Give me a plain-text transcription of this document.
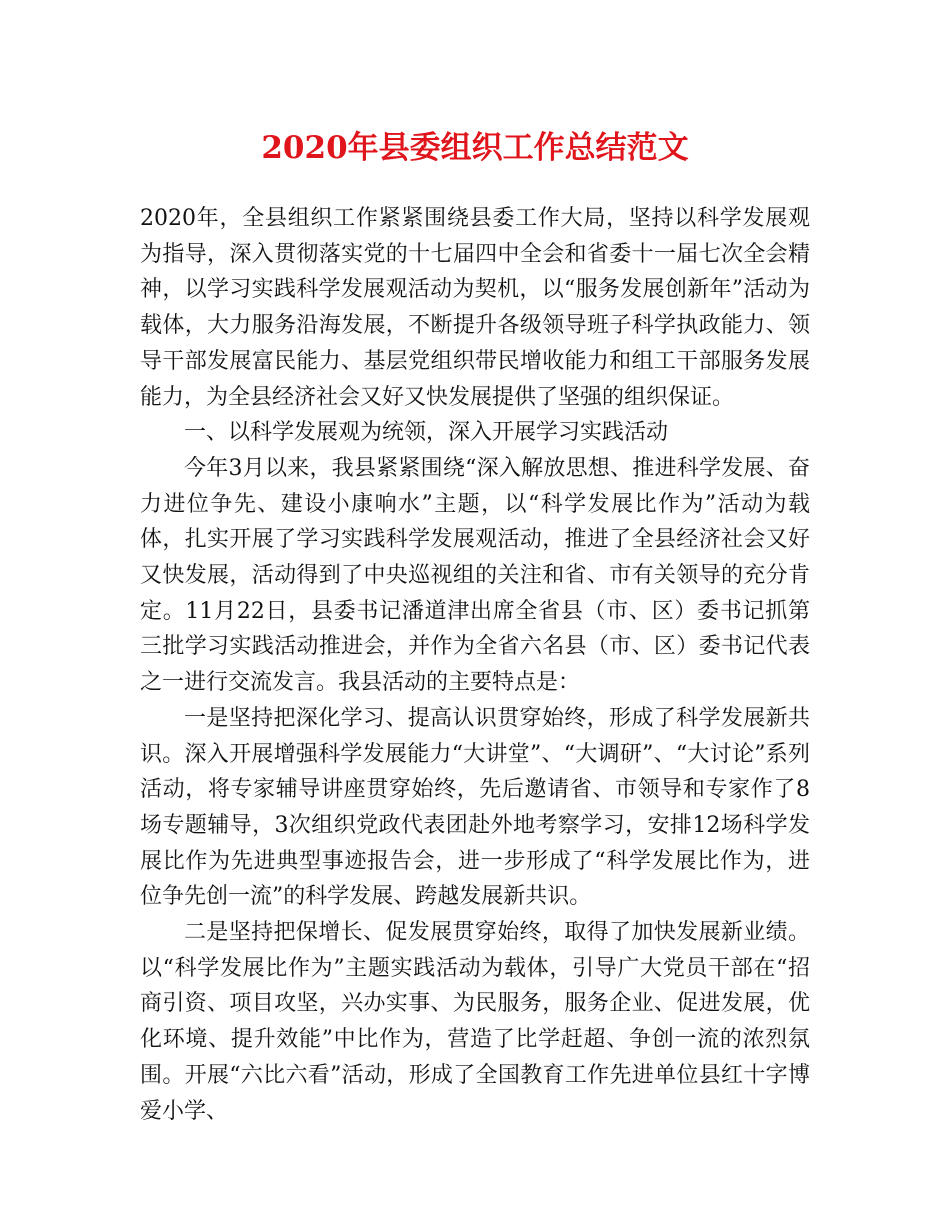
2020年县委组织工作总结范文

2020年，全县组织工作紧紧围绕县委工作大局，坚持以科学发展观为指导，深入贯彻落实党的十七届四中全会和省委十一届七次全会精神，以学习实践科学发展观活动为契机，以“服务发展创新年”活动为载体，大力服务沿海发展，不断提升各级领导班子科学执政能力、领导干部发展富民能力、基层党组织带民增收能力和组工干部服务发展能力，为全县经济社会又好又快发展提供了坚强的组织保证。

一、以科学发展观为统领，深入开展学习实践活动

今年3月以来，我县紧紧围绕“深入解放思想、推进科学发展、奋力进位争先、建设小康响水”主题，以“科学发展比作为”活动为载体，扎实开展了学习实践科学发展观活动，推进了全县经济社会又好又快发展，活动得到了中央巡视组的关注和省、市有关领导的充分肯定。11月22日，县委书记潘道津出席全省县（市、区）委书记抓第三批学习实践活动推进会，并作为全省六名县（市、区）委书记代表之一进行交流发言。我县活动的主要特点是：

一是坚持把深化学习、提高认识贯穿始终，形成了科学发展新共识。深入开展增强科学发展能力“大讲堂”、“大调研”、“大讨论”系列活动，将专家辅导讲座贯穿始终，先后邀请省、市领导和专家作了8场专题辅导，3次组织党政代表团赴外地考察学习，安排12场科学发展比作为先进典型事迹报告会，进一步形成了“科学发展比作为，进位争先创一流”的科学发展、跨越发展新共识。

二是坚持把保增长、促发展贯穿始终，取得了加快发展新业绩。以“科学发展比作为”主题实践活动为载体，引导广大党员干部在“招商引资、项目攻坚，兴办实事、为民服务，服务企业、促进发展，优化环境、提升效能”中比作为，营造了比学赶超、争创一流的浓烈氛围。开展“六比六看”活动，形成了全国教育工作先进单位县红十字博爱小学、
